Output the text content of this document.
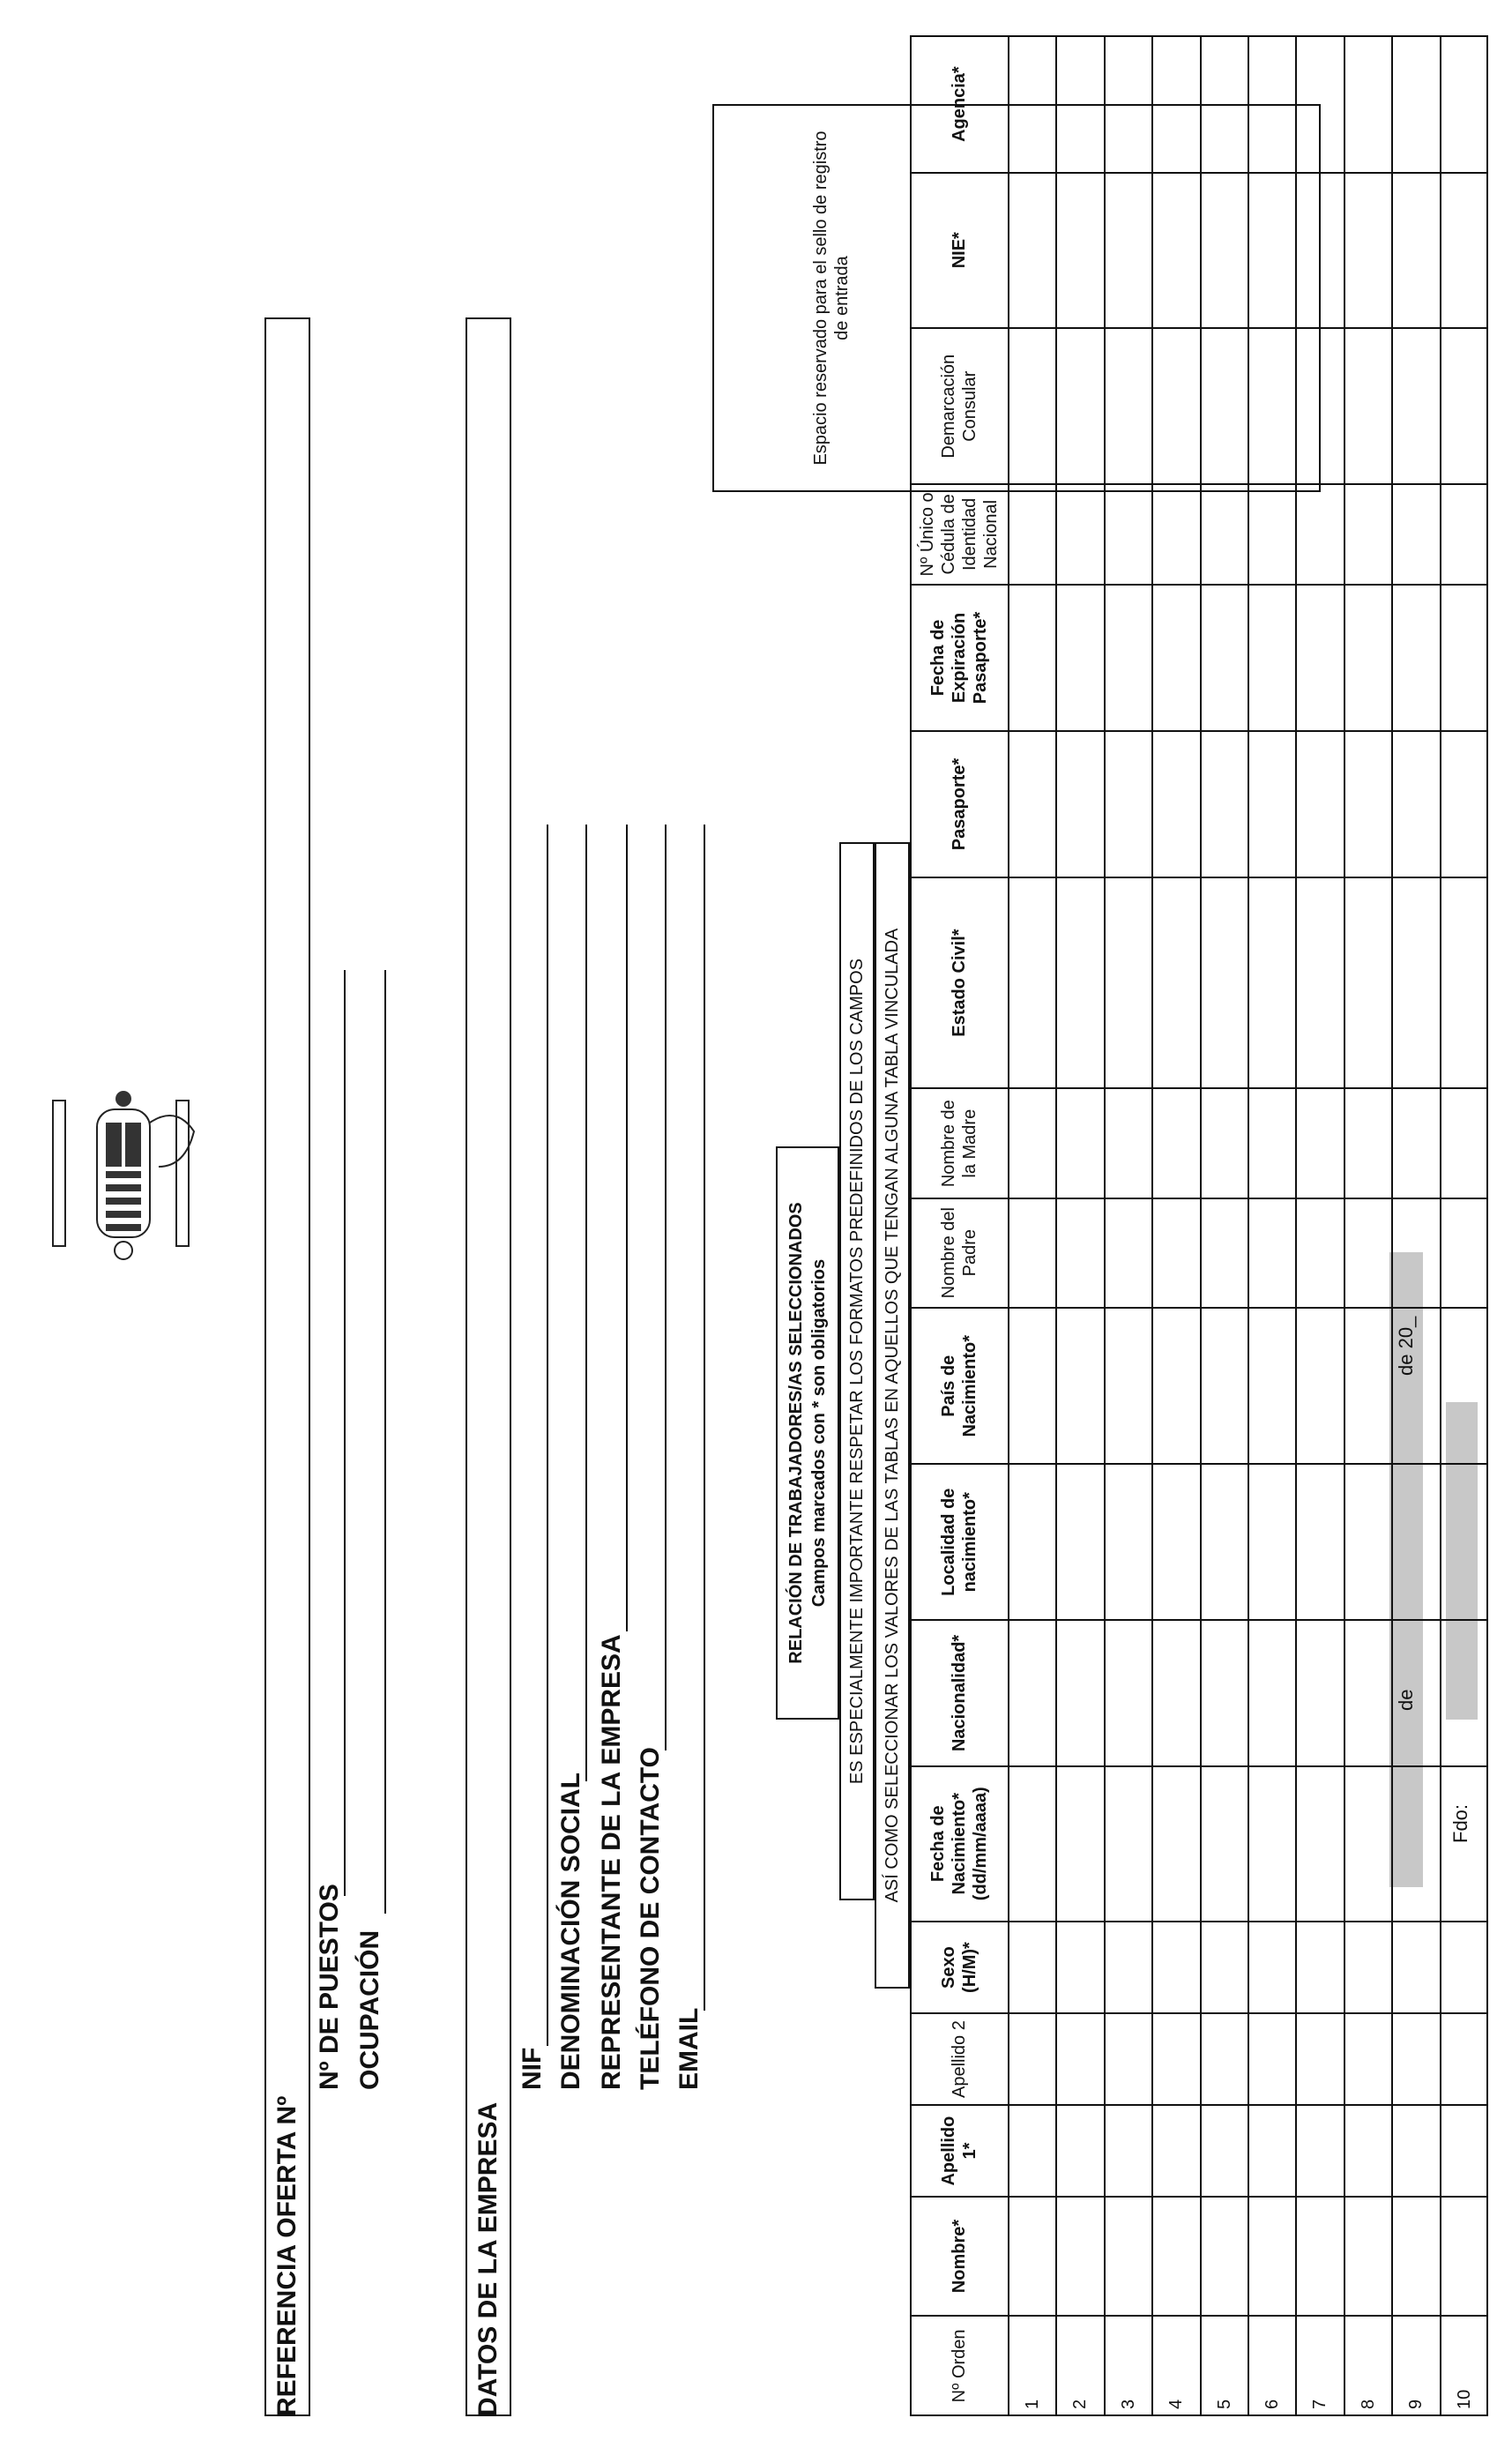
Espacio reservado para el sello de registro de entrada
REFERENCIA OFERTA Nº
Nº DE PUESTOS OCUPACIÓN
DATOS DE LA EMPRESA
NIF DENOMINACIÓN SOCIAL REPRESENTANTE DE LA EMPRESA TELÉFONO DE CONTACTO EMAIL
RELACIÓN DE TRABAJADORES/AS SELECCIONADOS Campos marcados con * son obligatorios ES ESPECIALMENTE IMPORTANTE RESPETAR LOS FORMATOS PREDEFINIDOS DE LOS CAMPOS ASÍ COMO SELECCIONAR LOS VALORES DE LAS TABLAS EN AQUELLOS QUE TENGAN ALGUNA TABLA VINCULADA	de
de 20_
Fdo:
Nº Orden
Nombre*
Apellido 1*
Apellido 2
Sexo (H/M)*
Fecha de Nacimiento* (dd/mm/aaaa)
Nacionalidad*
Localidad de nacimiento*
País de Nacimiento*
Nombre del Padre
Nombre de la Madre
Estado Civil*
Pasaporte*
Fecha de Expiración Pasaporte*
Nº Único o Cédula de Identidad Nacional
Demarcación Consular
NIE*
Agencia*
1 2 3 4 5 6 7 8 9 10
